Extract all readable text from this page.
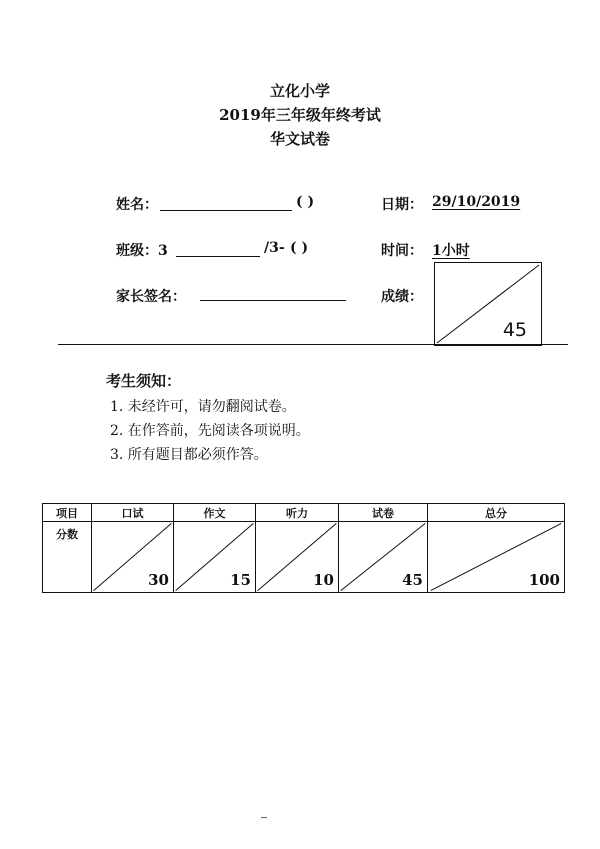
立化小学
2019年三年级年终考试
华文试卷
姓名：	( )	日期： 29/10/2019
班级：3	/3- ( )	时间： 1小时
家长签名：	成绩：
45
考生须知：
1. 未经许可，请勿翻阅试卷。
2. 在作答前，先阅读各项说明。
3. 所有题目都必须作答。
项目	口试	作文	听力	试卷	总分
分数	30	15	10	45	100
